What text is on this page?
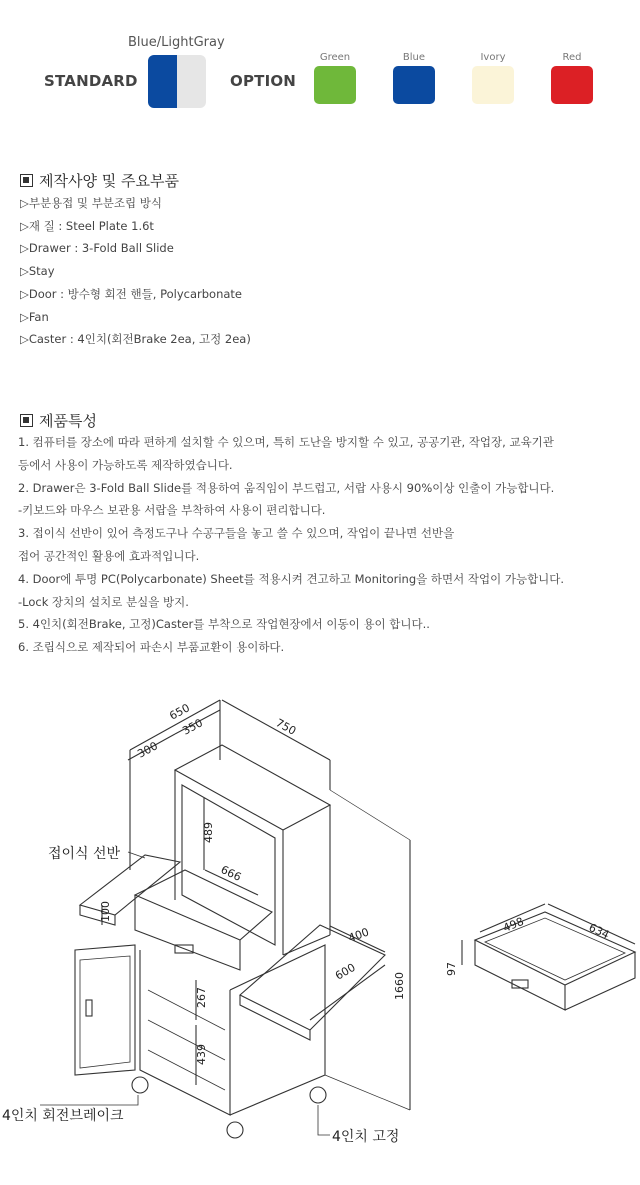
Blue/LightGray
STANDARD	OPTION
Green	Blue	Ivory	Red
제작사양 및 주요부품
▷부분용접 및 부분조립 방식
▷재 질 : Steel Plate 1.6t
▷Drawer : 3-Fold Ball Slide
▷Stay
▷Door : 방수형 회전 핸들, Polycarbonate
▷Fan
▷Caster : 4인치(회전Brake 2ea, 고정 2ea)
제품특성
1. 컴퓨터를 장소에 따라 편하게 설치할 수 있으며, 특히 도난을 방지할 수 있고, 공공기관, 작업장, 교육기관
등에서 사용이 가능하도록 제작하였습니다.
2. Drawer은 3-Fold Ball Slide를 적용하여 움직임이 부드럽고, 서랍 사용시 90%이상 인출이 가능합니다.
-키보드와 마우스 보관용 서랍을 부착하여 사용이 편리합니다.
3. 접이식 선반이 있어 측정도구나 수공구들을 놓고 쓸 수 있으며, 작업이 끝나면 선반을
접어 공간적인 활용에 효과적입니다.
4. Door에 투명 PC(Polycarbonate) Sheet를 적용시켜 견고하고 Monitoring을 하면서 작업이 가능합니다.
-Lock 장치의 설치로 분실을 방지.
5. 4인치(회전Brake, 고정)Caster를 부착으로 작업현장에서 이동이 용이 합니다..
6. 조립식으로 제작되어 파손시 부품교환이 용이하다.
650
350
300
750
489
666
100
400
600
1660
267
439
498	634
97
접이식 선반
4인치 회전브레이크
4인치 고정
